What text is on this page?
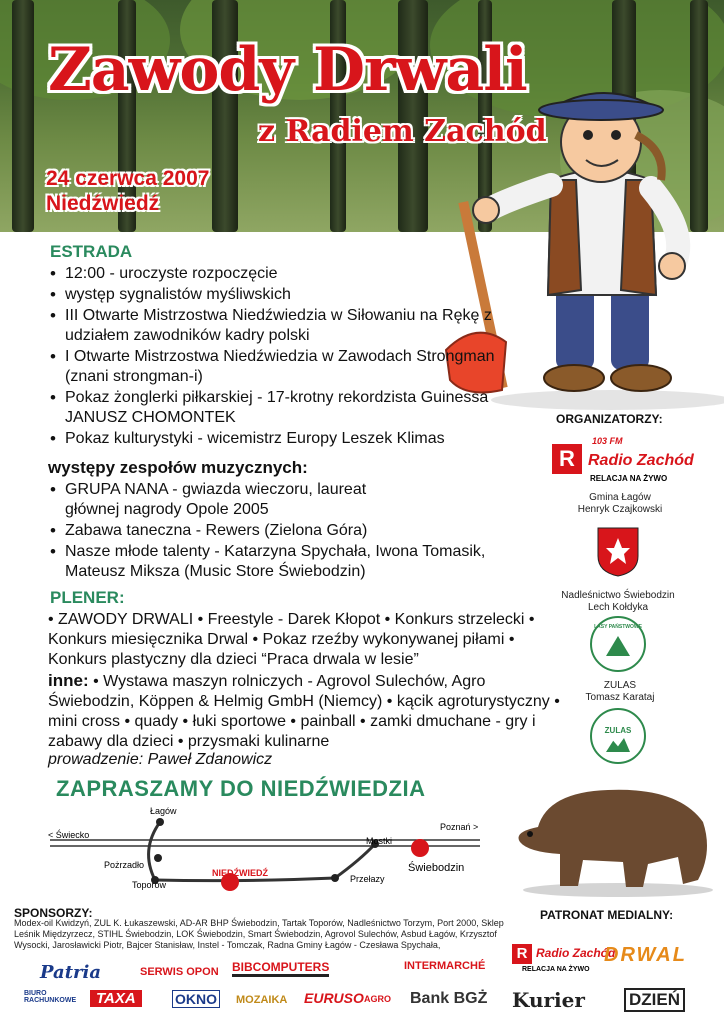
Zawody Drwali
z Radiem Zachód
24 czerwca 2007
Niedźwiedź
ESTRADA
• 12:00 - uroczyste rozpoczęcie
• występ sygnalistów myśliwskich
• III Otwarte Mistrzostwa Niedźwiedzia w Siłowaniu na Rękę z udziałem zawodników kadry polski
• I Otwarte Mistrzostwa Niedźwiedzia w Zawodach Strongman (znani strongman-i)
• Pokaz żonglerki piłkarskiej - 17-krotny rekordzista Guinessa JANUSZ CHOMONTEK
• Pokaz kulturystyki - wicemistrz Europy Leszek Klimas
występy zespołów muzycznych:
• GRUPA NANA - gwiazda wieczoru, laureat głównej nagrody Opole 2005
• Zabawa taneczna - Rewers (Zielona Góra)
• Nasze młode talenty - Katarzyna Spychała, Iwona Tomasik, Mateusz Miksza (Music Store Świebodzin)
PLENER:
• ZAWODY DRWALI • Freestyle - Darek Kłopot • Konkurs strzelecki • Konkurs miesięcznika Drwal • Pokaz rzeźby wykonywanej piłami • Konkurs plastyczny dla dzieci “Praca drwala w lesie”
inne: • Wystawa maszyn rolniczych - Agrovol Sulechów, Agro Świebodzin, Köppen & Helmig GmbH (Niemcy) • kącik agroturystyczny • mini cross • quady • łuki sportowe • painball • zamki dmuchane - gry i zabawy dla dzieci • przysmaki kulinarne
prowadzenie: Paweł Zdanowicz
ZAPRASZAMY DO NIEDŹWIEDZIA
Łagów
< Świecko
Poznań >
Mostki
Pożrzadło
Toporów
NIEDŹWIEDŹ
Przełazy
Świebodzin
ORGANIZATORZY:
R
103 FM
Radio Zachód
RELACJA NA ŻYWO
Gmina Łagów
Henryk Czajkowski
Nadleśnictwo Świebodzin
Lech Kołdyka
LASY PAŃSTWOWE
ZULAS
Tomasz Karataj
ZULAS
SPONSORZY:
Modex-oil Kwidzyń, ZUL K. Łukaszewski, AD-AR BHP Świebodzin, Tartak Toporów, Nadleśnictwo Torzym, Port 2000, Sklep Leśnik Międzyrzecz, STIHL Świebodzin, LOK Świebodzin, Smart Świebodzin, Agrovol Sulechów, Asbud Łagów, Krzysztof Wysocki, Jarosławicki Piotr, Bajcer Stanisław, Instel - Tomczak, Radna Gminy Łagów - Czesława Spychała,
Patria	SERWIS OPON BIBCOMPUTERS
AGRO
INTERMARCHÉ
BIURO RACHUNKOWE	TAXA	OKNO MOZAIKA EURUSO	Bank BGŻ
PATRONAT MEDIALNY:
R Radio Zachód
RELACJA NA ŻYWO
DRWAL
Kurier	DZIEŃ
